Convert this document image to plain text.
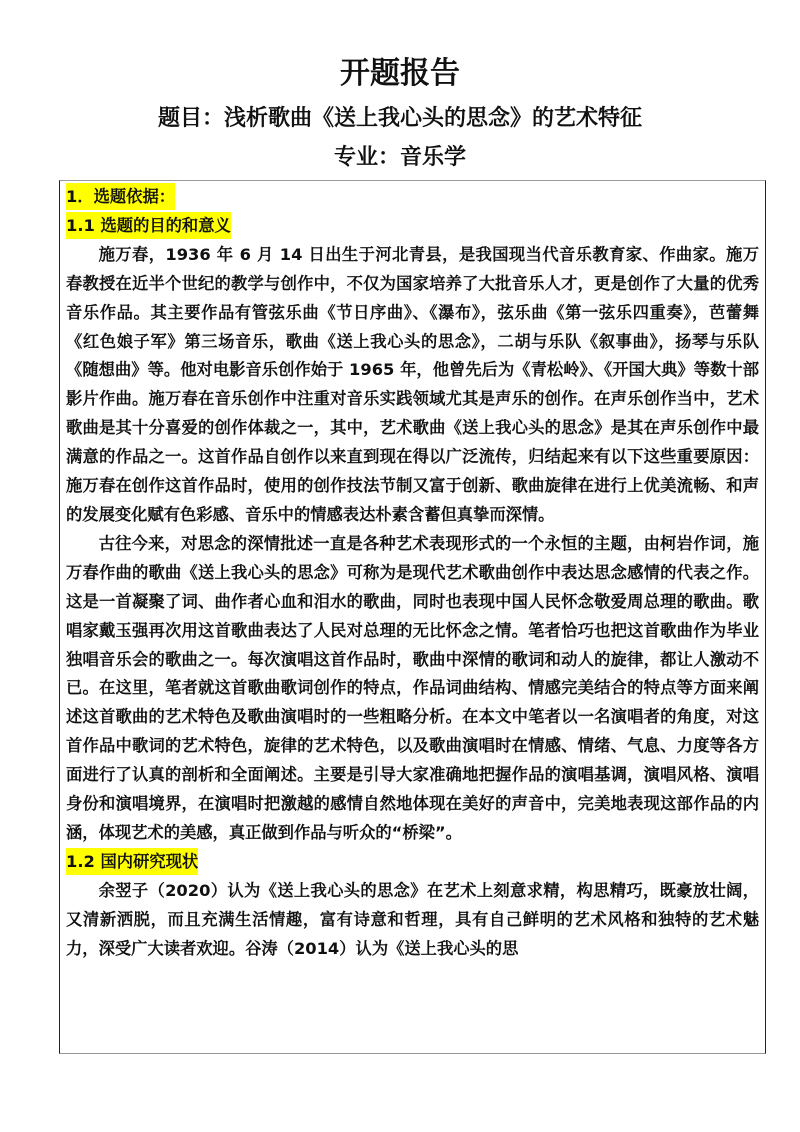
开题报告
题目：浅析歌曲《送上我心头的思念》的艺术特征
专业：音乐学

1．选题依据：

1.1 选题的目的和意义

施万春，1936 年 6 月 14 日出生于河北青县，是我国现当代音乐教育家、作曲家。施万春教授在近半个世纪的教学与创作中，不仅为国家培养了大批音乐人才，更是创作了大量的优秀音乐作品。其主要作品有管弦乐曲《节日序曲》、《瀑布》，弦乐曲《第一弦乐四重奏》，芭蕾舞《红色娘子军》第三场音乐，歌曲《送上我心头的思念》，二胡与乐队《叙事曲》，扬琴与乐队《随想曲》等。他对电影音乐创作始于 1965 年，他曾先后为《青松岭》、《开国大典》等数十部影片作曲。施万春在音乐创作中注重对音乐实践领域尤其是声乐的创作。在声乐创作当中，艺术歌曲是其十分喜爱的创作体裁之一，其中，艺术歌曲《送上我心头的思念》是其在声乐创作中最满意的作品之一。这首作品自创作以来直到现在得以广泛流传，归结起来有以下这些重要原因：施万春在创作这首作品时，使用的创作技法节制又富于创新、歌曲旋律在进行上优美流畅、和声的发展变化赋有色彩感、音乐中的情感表达朴素含蓄但真挚而深情。

古往今来，对思念的深情批述一直是各种艺术表现形式的一个永恒的主题，由柯岩作词，施万春作曲的歌曲《送上我心头的思念》可称为是现代艺术歌曲创作中表达思念感情的代表之作。这是一首凝聚了词、曲作者心血和泪水的歌曲，同时也表现中国人民怀念敬爱周总理的歌曲。歌唱家戴玉强再次用这首歌曲表达了人民对总理的无比怀念之情。笔者恰巧也把这首歌曲作为毕业独唱音乐会的歌曲之一。每次演唱这首作品时，歌曲中深情的歌词和动人的旋律，都让人激动不已。在这里，笔者就这首歌曲歌词创作的特点，作品词曲结构、情感完美结合的特点等方面来阐述这首歌曲的艺术特色及歌曲演唱时的一些粗略分析。在本文中笔者以一名演唱者的角度，对这首作品中歌词的艺术特色，旋律的艺术特色，以及歌曲演唱时在情感、情绪、气息、力度等各方面进行了认真的剖析和全面阐述。主要是引导大家准确地把握作品的演唱基调，演唱风格、演唱身份和演唱境界，在演唱时把激越的感情自然地体现在美好的声音中，完美地表现这部作品的内涵，体现艺术的美感，真正做到作品与听众的“桥梁”。

1.2 国内研究现状

余翌子（2020）认为《送上我心头的思念》在艺术上刻意求精，构思精巧，既豪放壮阔，又清新洒脱，而且充满生活情趣，富有诗意和哲理，具有自己鲜明的艺术风格和独特的艺术魅力，深受广大读者欢迎。谷涛（2014）认为《送上我心头的思
